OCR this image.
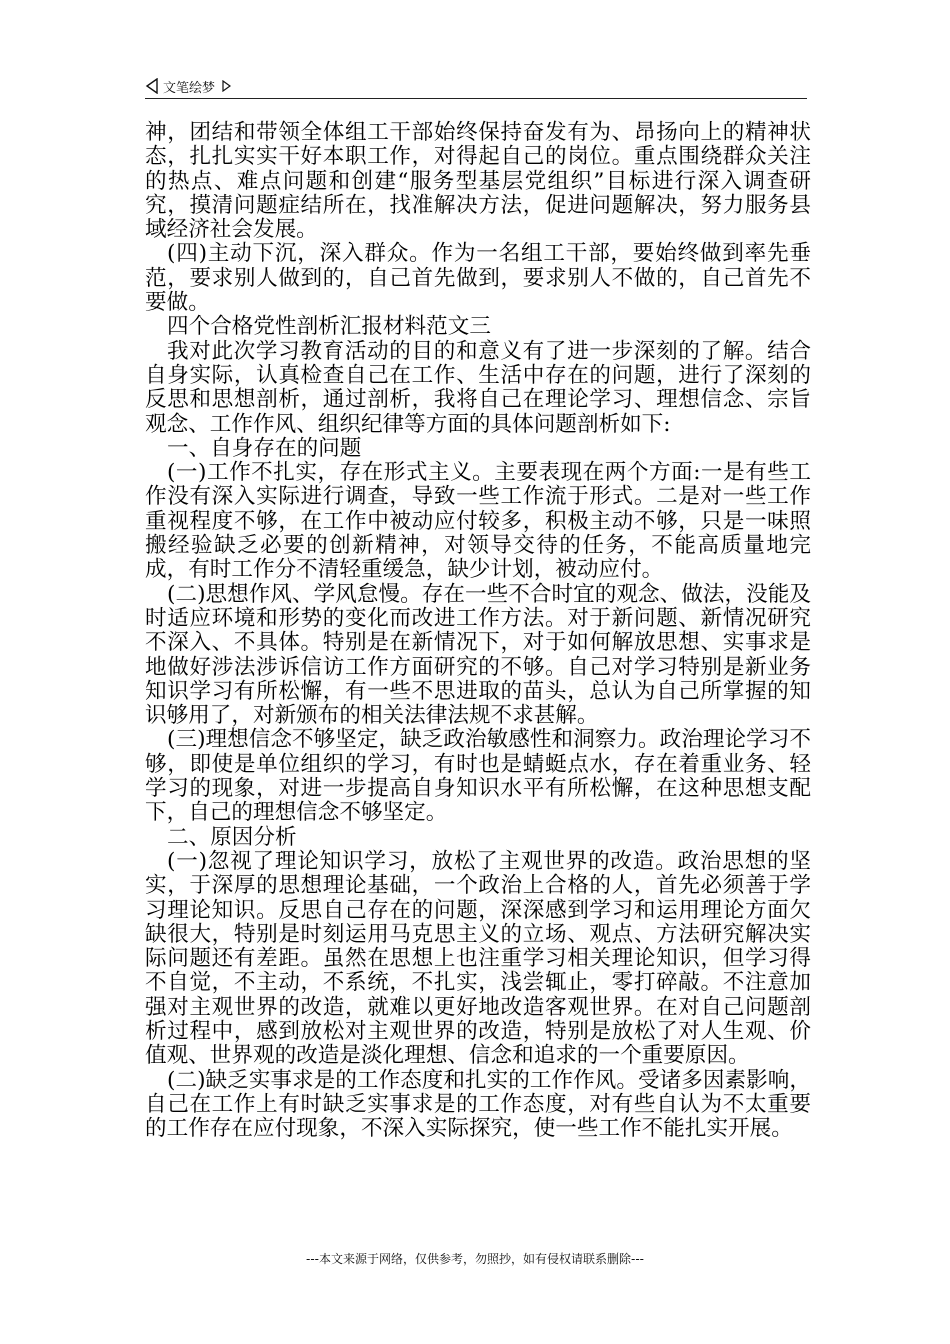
文笔绘梦

神，团结和带领全体组工干部始终保持奋发有为、昂扬向上的精神状态，扎扎实实干好本职工作，对得起自己的岗位。重点围绕群众关注的热点、难点问题和创建“服务型基层党组织”目标进行深入调查研究，摸清问题症结所在，找准解决方法，促进问题解决，努力服务县域经济社会发展。

(四)主动下沉，深入群众。作为一名组工干部，要始终做到率先垂范，要求别人做到的，自己首先做到，要求别人不做的，自己首先不要做。

四个合格党性剖析汇报材料范文三

我对此次学习教育活动的目的和意义有了进一步深刻的了解。结合自身实际，认真检查自己在工作、生活中存在的问题，进行了深刻的反思和思想剖析，通过剖析，我将自己在理论学习、理想信念、宗旨观念、工作作风、组织纪律等方面的具体问题剖析如下:

一、自身存在的问题

(一)工作不扎实，存在形式主义。主要表现在两个方面:一是有些工作没有深入实际进行调查，导致一些工作流于形式。二是对一些工作重视程度不够，在工作中被动应付较多，积极主动不够，只是一味照搬经验缺乏必要的创新精神，对领导交待的任务，不能高质量地完成，有时工作分不清轻重缓急，缺少计划，被动应付。

(二)思想作风、学风怠慢。存在一些不合时宜的观念、做法，没能及时适应环境和形势的变化而改进工作方法。对于新问题、新情况研究不深入、不具体。特别是在新情况下，对于如何解放思想、实事求是地做好涉法涉诉信访工作方面研究的不够。自己对学习特别是新业务知识学习有所松懈，有一些不思进取的苗头，总认为自己所掌握的知识够用了，对新颁布的相关法律法规不求甚解。

(三)理想信念不够坚定，缺乏政治敏感性和洞察力。政治理论学习不够，即使是单位组织的学习，有时也是蜻蜓点水，存在着重业务、轻学习的现象，对进一步提高自身知识水平有所松懈，在这种思想支配下，自己的理想信念不够坚定。

二、原因分析

(一)忽视了理论知识学习，放松了主观世界的改造。政治思想的坚实，于深厚的思想理论基础，一个政治上合格的人，首先必须善于学习理论知识。反思自己存在的问题，深深感到学习和运用理论方面欠缺很大，特别是时刻运用马克思主义的立场、观点、方法研究解决实际问题还有差距。虽然在思想上也注重学习相关理论知识，但学习得不自觉，不主动，不系统，不扎实，浅尝辄止，零打碎敲。不注意加强对主观世界的改造，就难以更好地改造客观世界。在对自己问题剖析过程中，感到放松对主观世界的改造，特别是放松了对人生观、价值观、世界观的改造是淡化理想、信念和追求的一个重要原因。

(二)缺乏实事求是的工作态度和扎实的工作作风。受诸多因素影响，自己在工作上有时缺乏实事求是的工作态度，对有些自认为不太重要的工作存在应付现象，不深入实际探究，使一些工作不能扎实开展。

---本文来源于网络，仅供参考，勿照抄，如有侵权请联系删除---
